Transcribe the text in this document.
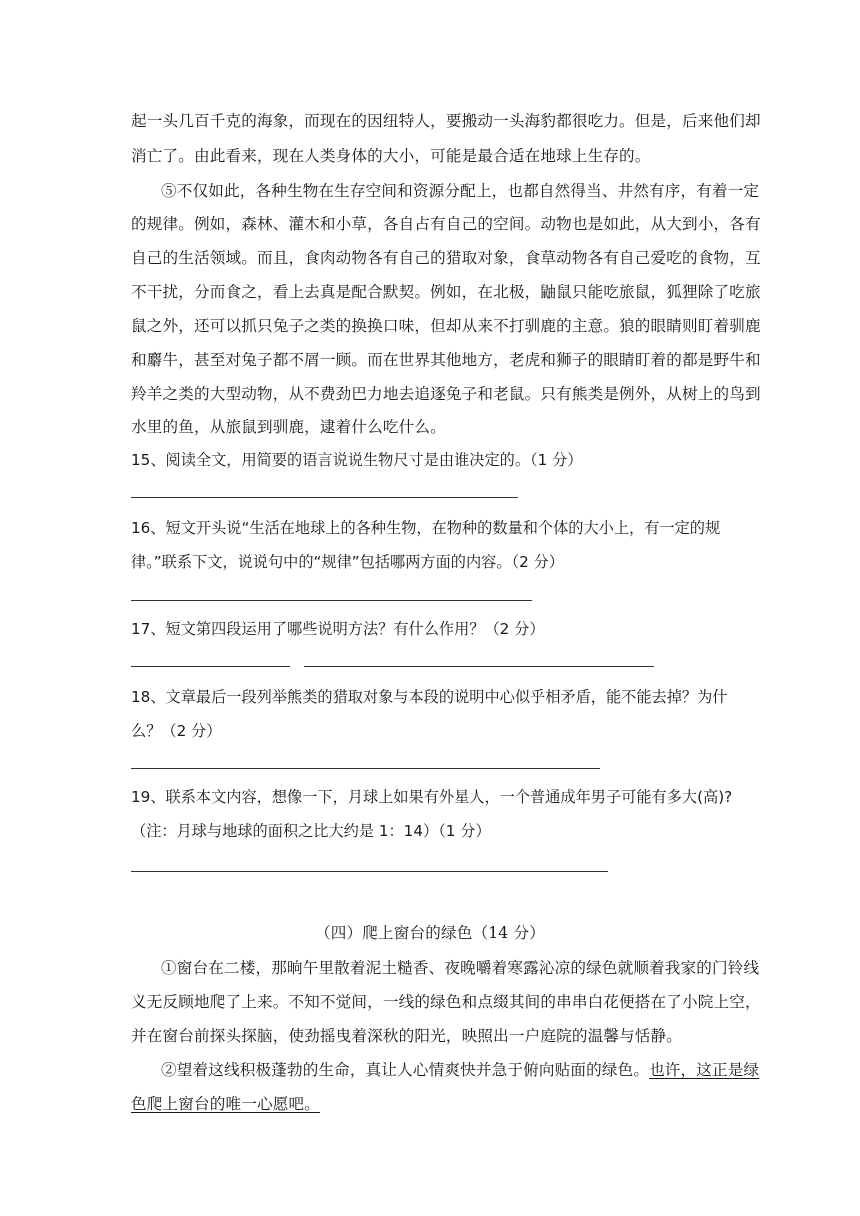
起一头几百千克的海象，而现在的因纽特人，要搬动一头海豹都很吃力。但是，后来他们却
消亡了。由此看来，现在人类身体的大小，可能是最合适在地球上生存的。
⑤不仅如此，各种生物在生存空间和资源分配上，也都自然得当、井然有序，有着一定
的规律。例如，森林、灌木和小草，各自占有自己的空间。动物也是如此，从大到小，各有
自己的生活领域。而且，食肉动物各有自己的猎取对象，食草动物各有自己爱吃的食物，互
不干扰，分而食之，看上去真是配合默契。例如，在北极，鼬鼠只能吃旅鼠，狐狸除了吃旅
鼠之外，还可以抓只兔子之类的换换口味，但却从来不打驯鹿的主意。狼的眼睛则盯着驯鹿
和麝牛，甚至对兔子都不屑一顾。而在世界其他地方，老虎和狮子的眼睛盯着的都是野牛和
羚羊之类的大型动物，从不费劲巴力地去追逐兔子和老鼠。只有熊类是例外，从树上的鸟到
水里的鱼，从旅鼠到驯鹿，逮着什么吃什么。
15、阅读全文，用简要的语言说说生物尺寸是由谁决定的。（1 分）
16、短文开头说“生活在地球上的各种生物，在物种的数量和个体的大小上，有一定的规
律。”联系下文，说说句中的“规律”包括哪两方面的内容。（2 分）
17、短文第四段运用了哪些说明方法？有什么作用？（2 分）
18、文章最后一段列举熊类的猎取对象与本段的说明中心似乎相矛盾，能不能去掉？为什
么？（2 分）
19、联系本文内容，想像一下，月球上如果有外星人，一个普通成年男子可能有多大(高)?
（注：月球与地球的面积之比大约是 1：14）（1 分）
（四）爬上窗台的绿色（14 分）
①窗台在二楼，那晌午里散着泥土糙香、夜晚嚼着寒露沁凉的绿色就顺着我家的门铃线
义无反顾地爬了上来。不知不觉间，一线的绿色和点缀其间的串串白花便搭在了小院上空，
并在窗台前探头探脑，使劲摇曳着深秋的阳光，映照出一户庭院的温馨与恬静。
②望着这线积极蓬勃的生命，真让人心情爽快并急于俯向贴面的绿色。也许，这正是绿
色爬上窗台的唯一心愿吧。
